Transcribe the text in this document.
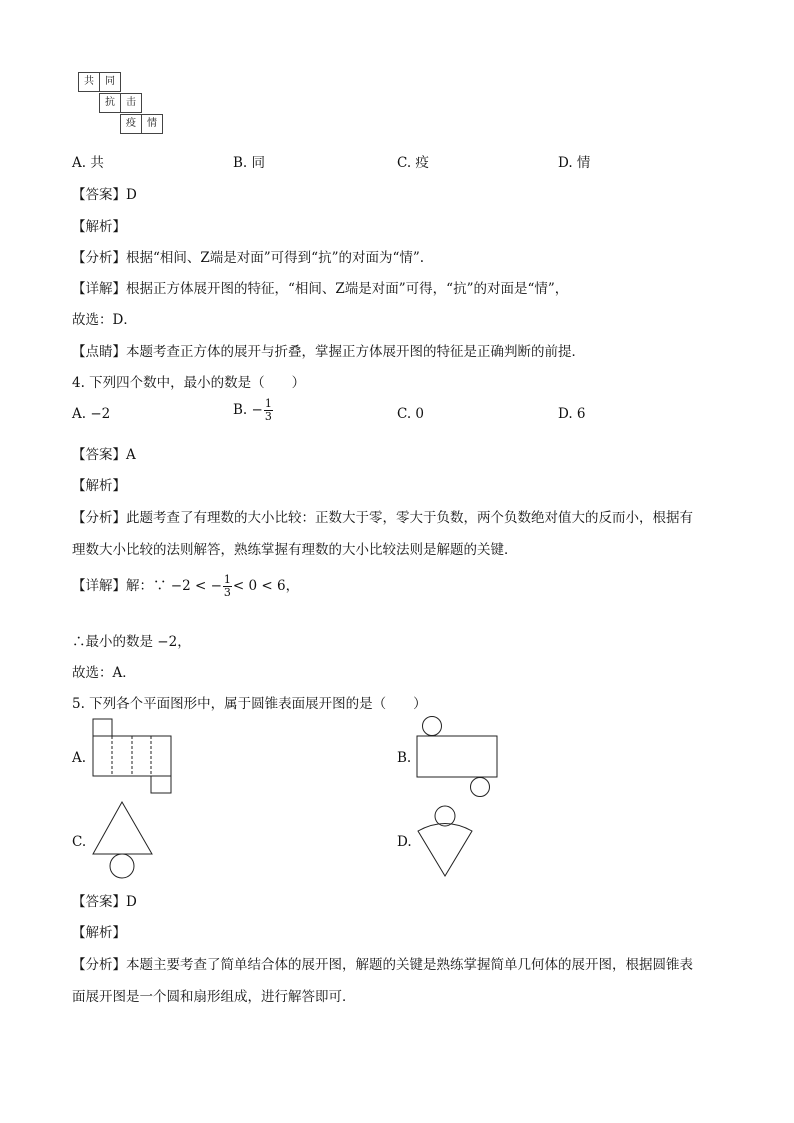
共	同
抗	击
疫	情
A. 共	B. 同	C. 疫	D. 情
【答案】D
【解析】
【分析】根据“相间、Z端是对面”可得到“抗”的对面为“情”.
【详解】根据正方体展开图的特征，“相间、Z端是对面”可得，“抗”的对面是“情”，
故选：D．
【点睛】本题考查正方体的展开与折叠，掌握正方体展开图的特征是正确判断的前提．
4. 下列四个数中，最小的数是（　　）
A. −2	B. − $\frac{1}{3}$	C. 0	D. 6
【答案】A
【解析】
【分析】此题考查了有理数的大小比较：正数大于零，零大于负数，两个负数绝对值大的反而小，根据有
理数大小比较的法则解答，熟练掌握有理数的大小比较法则是解题的关键．
【详解】解：∵ −2 < − $\frac{1}{3} < 0 < 6$，
∴最小的数是 −2，
故选：A．
5. 下列各个平面图形中，属于圆锥表面展开图的是（　　）
A.	B.
C.	D.
【答案】D
【解析】
【分析】本题主要考查了简单结合体的展开图，解题的关键是熟练掌握简单几何体的展开图，根据圆锥表
面展开图是一个圆和扇形组成，进行解答即可．
